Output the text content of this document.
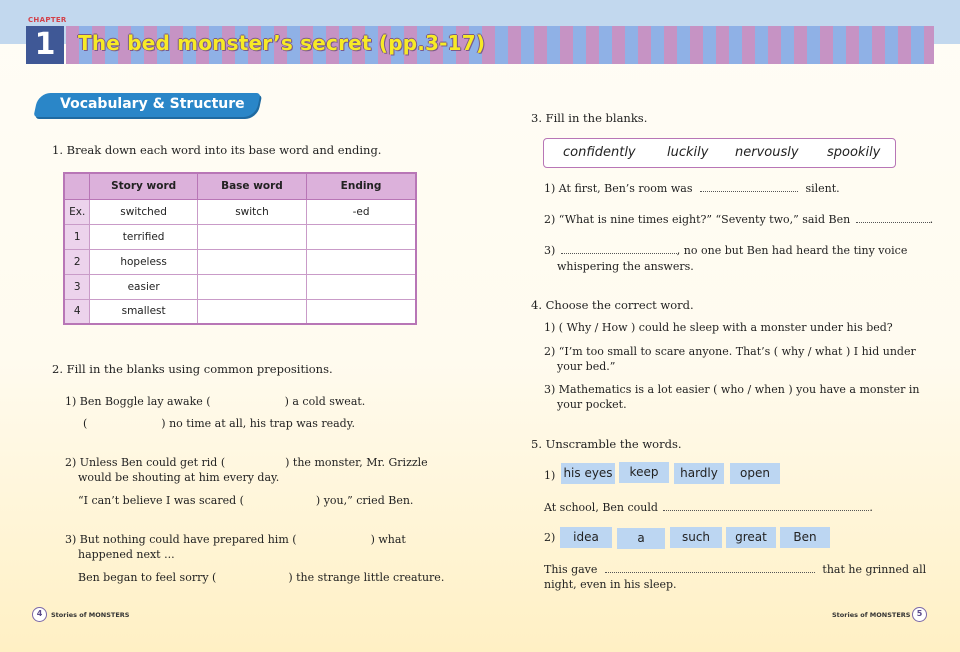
CHAPTER
1	The bed monster’s secret (pp.3-17)
Vocabulary & Structure
1. Break down each word into its base word and ending.
	Story word	Base word	Ending
Ex.	switched	switch	-ed
1	terrified		
2	hopeless		
3	easier		
4	smallest		
2. Fill in the blanks using common prepositions.
1) Ben Boggle lay awake (	) a cold sweat.
(	) no time at all, his trap was ready.
2) Unless Ben could get rid (	) the monster, Mr. Grizzle
would be shouting at him every day.
“I can’t believe I was scared (	) you,” cried Ben.
3) But nothing could have prepared him (	) what
happened next ...
Ben began to feel sorry (	) the strange little creature.
3. Fill in the blanks.
confidently luckily nervously spookily
1) At first, Ben’s room was	silent.
2) “What is nine times eight?” “Seventy two,” said Ben	.
3)	, no one but Ben had heard the tiny voice
whispering the answers.
4. Choose the correct word.
1) ( Why / How ) could he sleep with a monster under his bed?
2) “I’m too small to scare anyone. That’s ( why / what ) I hid under
your bed.”
3) Mathematics is a lot easier ( who / when ) you have a monster in
your pocket.
5. Unscramble the words.
1) his eyes	keep	hardly	open
At school, Ben could	.
2)	idea	a	such	great	Ben
This gave	that he grinned all
night, even in his sleep.
4	Stories of MONSTERS	Stories of MONSTERS 5
